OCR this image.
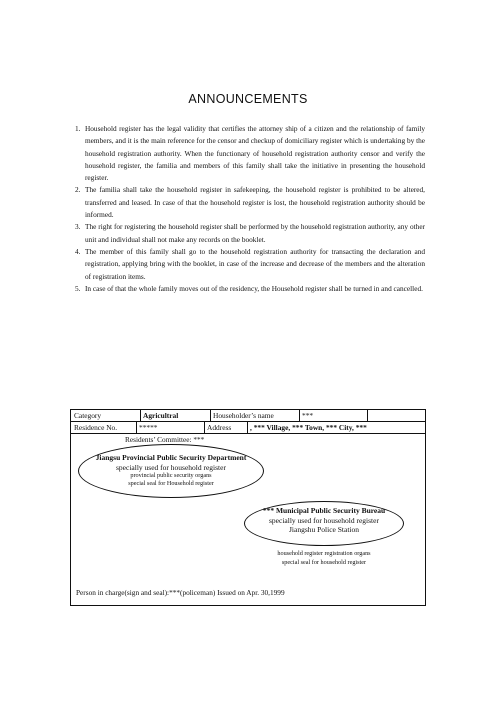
ANNOUNCEMENTS
1. Household register has the legal validity that certifies the attorney ship of a citizen and the relationship of family members, and it is the main reference for the censor and checkup of domiciliary register which is undertaking by the household registration authority. When the functionary of household registration authority censor and verify the household register, the familia and members of this family shall take the initiative in presenting the household register.
2. The familia shall take the household register in safekeeping, the household register is prohibited to be altered, transferred and leased. In case of that the household register is lost, the household registration authority should be informed.
3. The right for registering the household register shall be performed by the household registration authority, any other unit and individual shall not make any records on the booklet.
4. The member of this family shall go to the household registration authority for transacting the declaration and registration, applying bring with the booklet, in case of the increase and decrease of the members and the alteration of registration items.
5. In case of that the whole family moves out of the residency, the Household register shall be turned in and cancelled.
Category	Agricultral	Householder’s name	***
Residence No.	*****	Address	, *** Village, *** Town, *** City, ***
Residents’ Committee: ***
Jiangsu Provincial Public Security Department
specially used for household register
provincial public security organs
special seal for Household register
*** Municipal Public Security Bureau
specially used for household register
Jiangshu Police Station
household register registration organs
special seal for household register
Person in charge(sign and seal):***(policeman) Issued on Apr. 30,1999
